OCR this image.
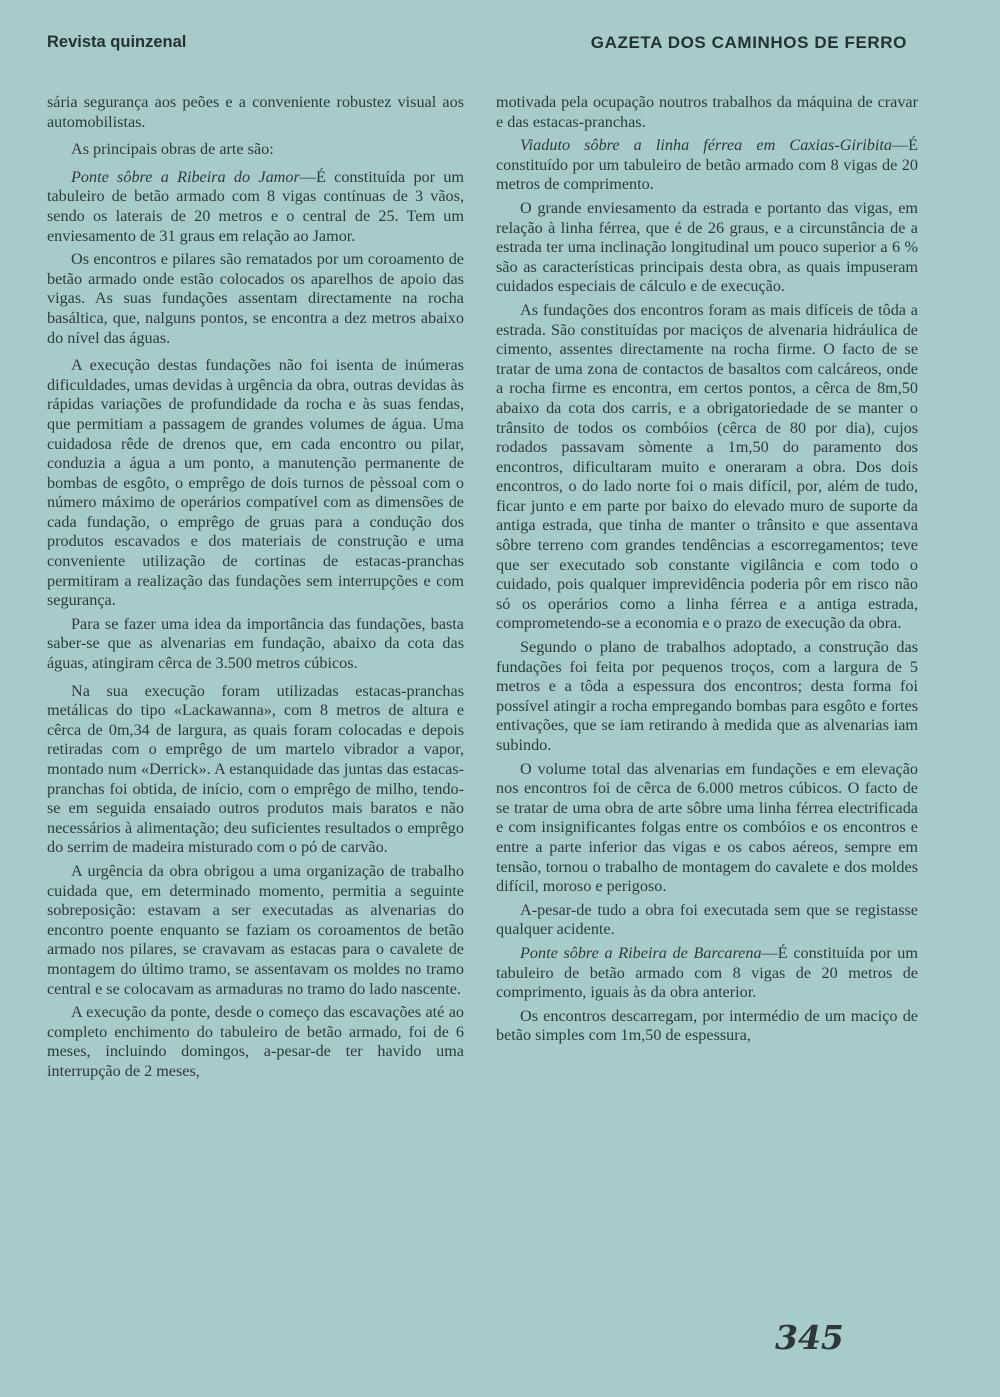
Revista quinzenal	GAZETA DOS CAMINHOS DE FERRO

sária segurança aos peões e a conveniente robustez visual aos automobilistas.

As principais obras de arte são:

Ponte sôbre a Ribeira do Jamor—É constituída por um tabuleiro de betão armado com 8 vigas contínuas de 3 vãos, sendo os laterais de 20 metros e o central de 25. Tem um enviesamento de 31 graus em relação ao Jamor.

Os encontros e pilares são rematados por um coroamento de betão armado onde estão colocados os aparelhos de apoio das vigas. As suas fundações assentam directamente na rocha basáltica, que, nalguns pontos, se encontra a dez metros abaixo do nível das águas.

A execução destas fundações não foi isenta de inúmeras dificuldades, umas devidas à urgência da obra, outras devidas às rápidas variações de profundidade da rocha e às suas fendas, que permitiam a passagem de grandes volumes de água. Uma cuidadosa rêde de drenos que, em cada encontro ou pilar, conduzia a água a um ponto, a manutenção permanente de bombas de esgôto, o emprêgo de dois turnos de pèssoal com o número máximo de operários compatível com as dimensões de cada fundação, o emprêgo de gruas para a condução dos produtos escavados e dos materiais de construção e uma conveniente utilização de cortinas de estacas-pranchas permitiram a realização das fundações sem interrupções e com segurança.

Para se fazer uma idea da importância das fundações, basta saber-se que as alvenarias em fundação, abaixo da cota das águas, atingiram cêrca de 3.500 metros cúbicos.

Na sua execução foram utilizadas estacas-pranchas metálicas do tipo «Lackawanna», com 8 metros de altura e cêrca de 0m,34 de largura, as quais foram colocadas e depois retiradas com o emprêgo de um martelo vibrador a vapor, montado num «Derrick». A estanquidade das juntas das estacas-pranchas foi obtida, de início, com o emprêgo de milho, tendo-se em seguida ensaiado outros produtos mais baratos e não necessários à alimentação; deu suficientes resultados o emprêgo do serrim de madeira misturado com o pó de carvão.

A urgência da obra obrigou a uma organização de trabalho cuidada que, em determinado momento, permitia a seguinte sobreposição: estavam a ser executadas as alvenarias do encontro poente enquanto se faziam os coroamentos de betão armado nos pilares, se cravavam as estacas para o cavalete de montagem do último tramo, se assentavam os moldes no tramo central e se colocavam as armaduras no tramo do lado nascente.

A execução da ponte, desde o começo das escavações até ao completo enchimento do tabuleiro de betão armado, foi de 6 meses, incluindo domingos, a-pesar-de ter havido uma interrupção de 2 meses,

motivada pela ocupação noutros trabalhos da máquina de cravar e das estacas-pranchas.

Viaduto sôbre a linha férrea em Caxias-Giribita—É constituído por um tabuleiro de betão armado com 8 vigas de 20 metros de comprimento.

O grande enviesamento da estrada e portanto das vigas, em relação à linha férrea, que é de 26 graus, e a circunstância de a estrada ter uma inclinação longitudinal um pouco superior a 6 % são as características principais desta obra, as quais impuseram cuidados especiais de cálculo e de execução.

As fundações dos encontros foram as mais difíceis de tôda a estrada. São constituídas por maciços de alvenaria hidráulica de cimento, assentes directamente na rocha firme. O facto de se tratar de uma zona de contactos de basaltos com calcáreos, onde a rocha firme es encontra, em certos pontos, a cêrca de 8m,50 abaixo da cota dos carris, e a obrigatoriedade de se manter o trânsito de todos os combóios (cêrca de 80 por dia), cujos rodados passavam sòmente a 1m,50 do paramento dos encontros, dificultaram muito e oneraram a obra. Dos dois encontros, o do lado norte foi o mais difícil, por, além de tudo, ficar junto e em parte por baixo do elevado muro de suporte da antiga estrada, que tinha de manter o trânsito e que assentava sôbre terreno com grandes tendências a escorregamentos; teve que ser executado sob constante vigilância e com todo o cuidado, pois qualquer imprevidência poderia pôr em risco não só os operários como a linha férrea e a antiga estrada, comprometendo-se a economia e o prazo de execução da obra.

Segundo o plano de trabalhos adoptado, a construção das fundações foi feita por pequenos troços, com a largura de 5 metros e a tôda a espessura dos encontros; desta forma foi possível atingir a rocha empregando bombas para esgôto e fortes entivações, que se iam retirando à medida que as alvenarias iam subindo.

O volume total das alvenarias em fundações e em elevação nos encontros foi de cêrca de 6.000 metros cúbicos. O facto de se tratar de uma obra de arte sôbre uma linha férrea electrificada e com insignificantes folgas entre os combóios e os encontros e entre a parte inferior das vigas e os cabos aéreos, sempre em tensão, tornou o trabalho de montagem do cavalete e dos moldes difícil, moroso e perigoso.

A-pesar-de tudo a obra foi executada sem que se registasse qualquer acidente.

Ponte sôbre a Ribeira de Barcarena—É constituída por um tabuleiro de betão armado com 8 vigas de 20 metros de comprimento, iguais às da obra anterior.

Os encontros descarregam, por intermédio de um maciço de betão simples com 1m,50 de espessura,

345
